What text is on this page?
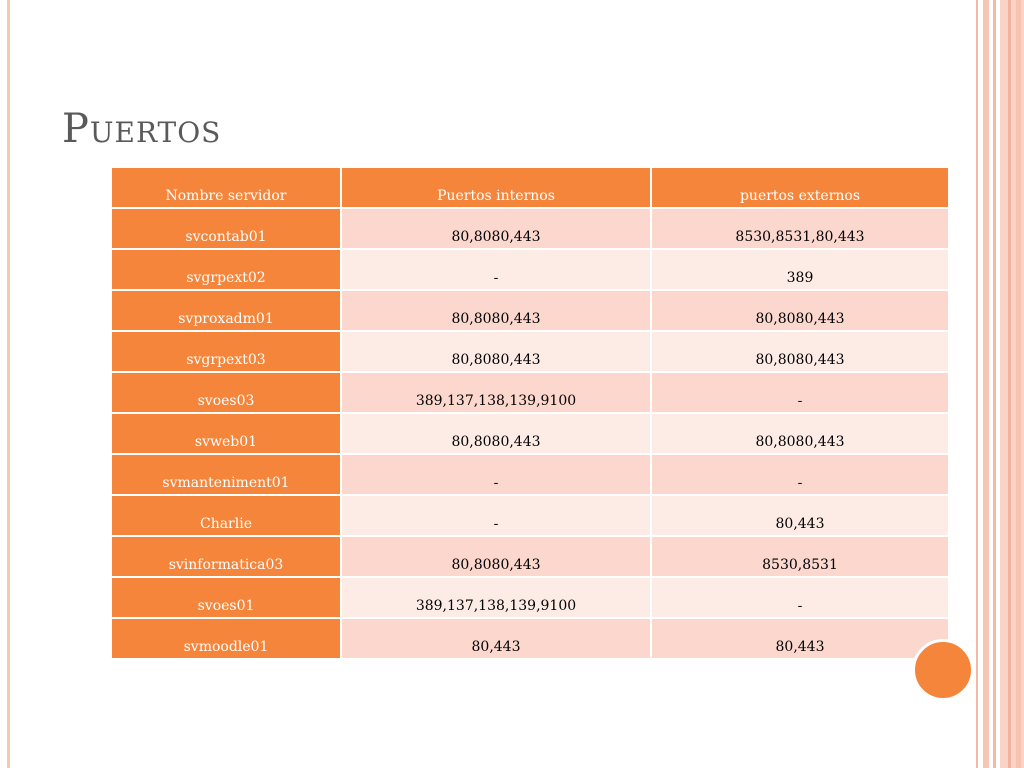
Puertos
Nombre servidor	Puertos internos	puertos externos
svcontab01	80,8080,443	8530,8531,80,443
svgrpext02	-	389
svproxadm01	80,8080,443	80,8080,443
svgrpext03	80,8080,443	80,8080,443
svoes03	389,137,138,139,9100	-
svweb01	80,8080,443	80,8080,443
svmanteniment01	-	-
Charlie	-	80,443
svinformatica03	80,8080,443	8530,8531
svoes01	389,137,138,139,9100	-
svmoodle01	80,443	80,443
